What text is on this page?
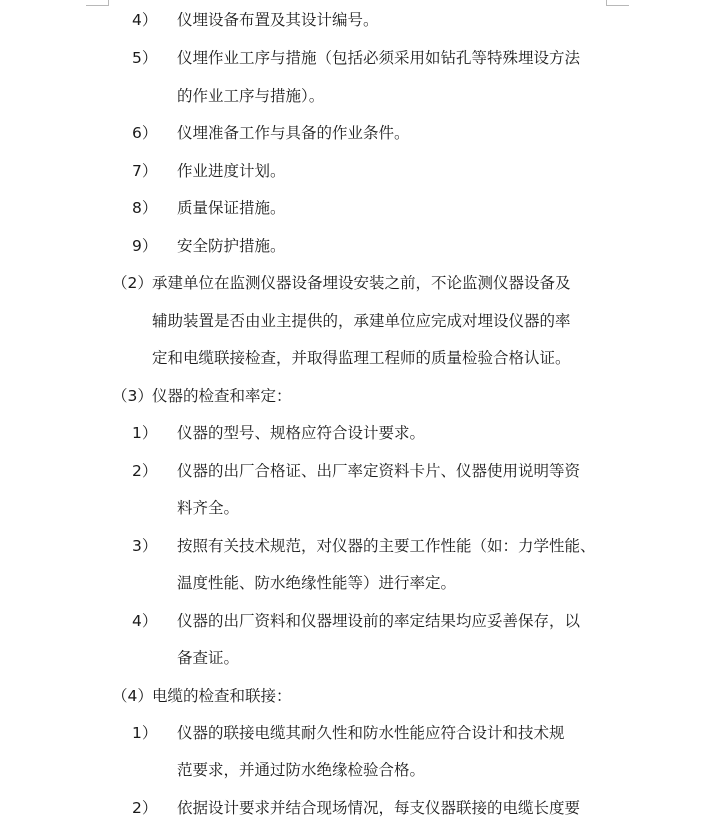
4） 仪埋设备布置及其设计编号。
5） 仪埋作业工序与措施（包括必须采用如钻孔等特殊埋设方法
的作业工序与措施）。
6） 仪埋准备工作与具备的作业条件。
7） 作业进度计划。
8） 质量保证措施。
9） 安全防护措施。
（2） 承建单位在监测仪器设备埋设安装之前，不论监测仪器设备及
辅助装置是否由业主提供的，承建单位应完成对埋设仪器的率
定和电缆联接检查，并取得监理工程师的质量检验合格认证。
（3） 仪器的检查和率定：
1） 仪器的型号、规格应符合设计要求。
2） 仪器的出厂合格证、出厂率定资料卡片、仪器使用说明等资
料齐全。
3） 按照有关技术规范，对仪器的主要工作性能（如：力学性能、
温度性能、防水绝缘性能等）进行率定。
4） 仪器的出厂资料和仪器埋设前的率定结果均应妥善保存，以
备查证。
（4） 电缆的检查和联接：
1） 仪器的联接电缆其耐久性和防水性能应符合设计和技术规
范要求，并通过防水绝缘检验合格。
2） 依据设计要求并结合现场情况，每支仪器联接的电缆长度要
